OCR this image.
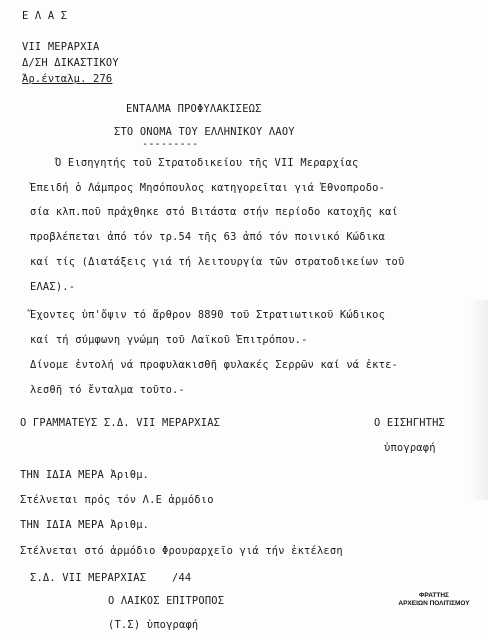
Ε Λ Α Σ
VII ΜΕΡΑΡΧΙΑ
Δ/ΣΗ ΔΙΚΑΣΤΙΚΟΥ
Άρ.ένταλμ. 276
ΕΝΤΑΛΜΑ ΠΡΟΦΥΛΑΚΙΣΕΩΣ
ΣΤΟ ΟΝΟΜΑ ΤΟΥ ΕΛΛΗΝΙΚΟΥ ΛΑΟΥ
---------
Ό Εισηγητής τοῦ Στρατοδικείου τῆς VII Μεραρχίας
Ἐπειδή ὁ Λάμπρος Μησόπουλος κατηγορεῖται γιά Ἐθνοπροδο-
σία κλπ.ποῦ πράχθηκε στό Βιτάστα στήν περίοδο κατοχῆς καί
προβλέπεται ἀπό τόν τρ.54 τῆς 63 ἀπό τόν ποινικό Κώδικα
καί τίς (Διατάξεις γιά τή λειτουργία τῶν στρατοδικείων τοῦ
ΕΛΑΣ).-
Ἔχοντες ὑπ'ὄψιν τό ἄρθρον 8890 τοῦ Στρατιωτικοῦ Κώδικος
καί τή σύμφωνη γνώμη τοῦ Λαϊκοῦ Ἐπιτρόπου.-
Δίνομε ἐντολή νά προφυλακισθῆ φυλακές Σερρῶν καί νά ἐκτε-
λεσθῆ τό ἔνταλμα τοῦτο.-
Ο ΓΡΑΜΜΑΤΕΥΣ Σ.Δ. VII ΜΕΡΑΡΧΙΑΣ	Ο ΕΙΣΗΓΗΤΗΣ
ὑπογραφή
ΤΗΝ ΙΔΙΑ ΜΕΡΑ Ἀριθμ.
Στέλνεται πρός τόν Λ.Ε ἁρμόδιο
ΤΗΝ ΙΔΙΑ ΜΕΡΑ Ἀριθμ.
Στέλνεται στό ἁρμόδιο Φρουραρχεῖο γιά τήν ἐκτέλεση
Σ.Δ. VII ΜΕΡΑΡΧΙΑΣ    /44
Ο ΛΑΙΚΟΣ ΕΠΙΤΡΟΠΟΣ
(Τ.Σ) ὑπογραφή
ΦΡΑΤΤΗΣ
ΑΡΧΕΙΩΝ ΠΟΛΙΤΙΣΜΟΥ
